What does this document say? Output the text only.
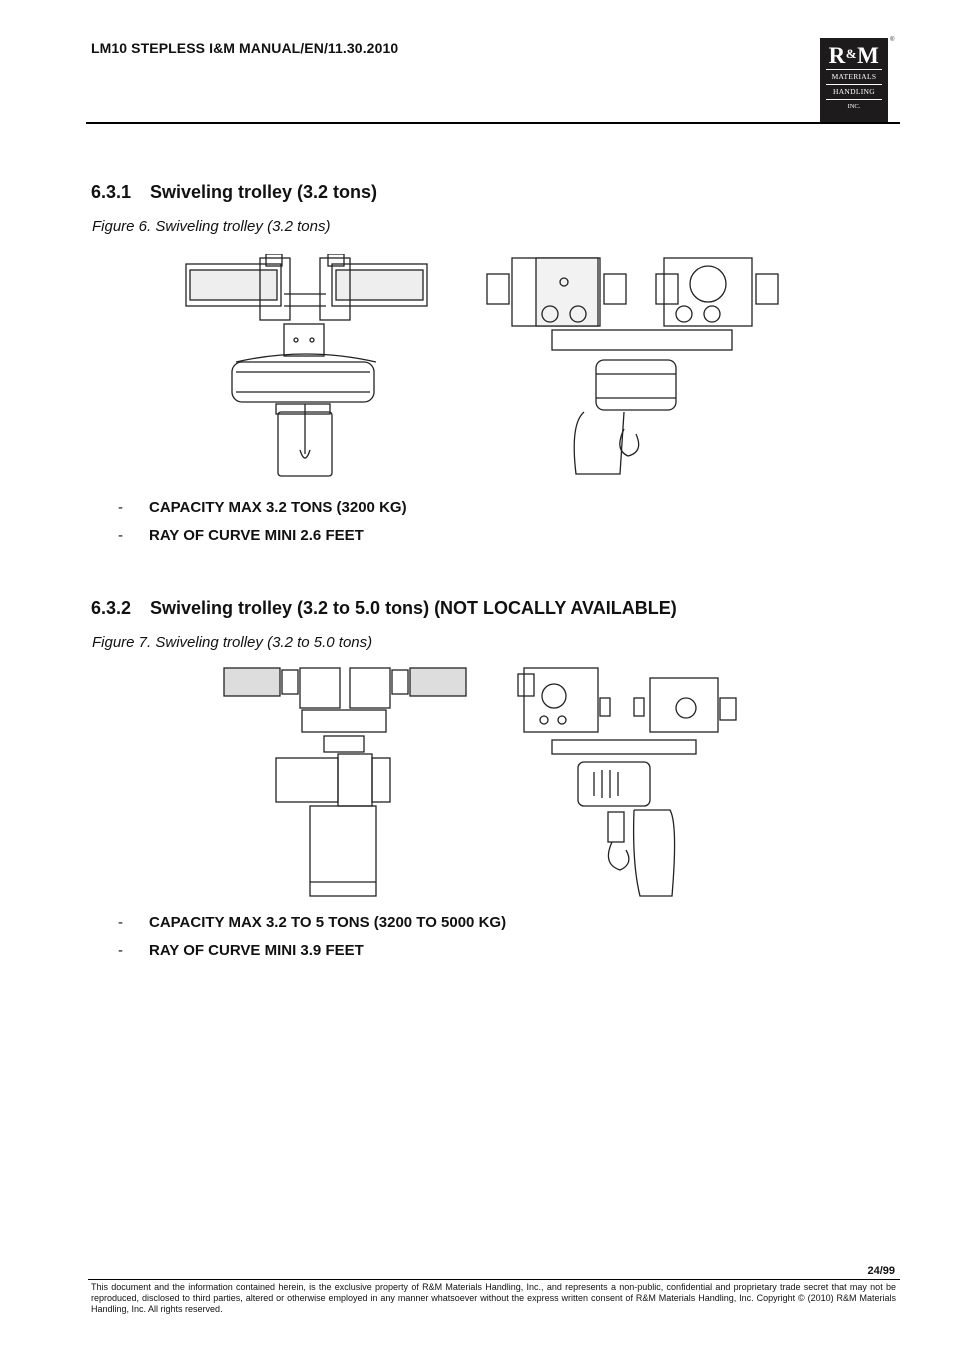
LM10 STEPLESS I&M MANUAL/EN/11.30.2010	R&M
MATERIALS
HANDLING
INC.
®
6.3.1 Swiveling trolley (3.2 tons)
Figure 6. Swiveling trolley (3.2 tons)
- CAPACITY MAX 3.2 TONS (3200 KG)
- RAY OF CURVE MINI 2.6 FEET
6.3.2 Swiveling trolley (3.2 to 5.0 tons) (NOT LOCALLY AVAILABLE)
Figure 7. Swiveling trolley (3.2 to 5.0 tons)
- CAPACITY MAX 3.2 TO 5 TONS (3200 TO 5000 KG)
- RAY OF CURVE MINI 3.9 FEET
24/99
This document and the information contained herein, is the exclusive property of R&M Materials Handling, Inc., and represents a non-public, confidential and proprietary trade secret that may not be reproduced, disclosed to third parties, altered or otherwise employed in any manner whatsoever without the express written consent of R&M Materials Handling, Inc. Copyright © (2010) R&M Materials Handling, Inc. All rights reserved.
